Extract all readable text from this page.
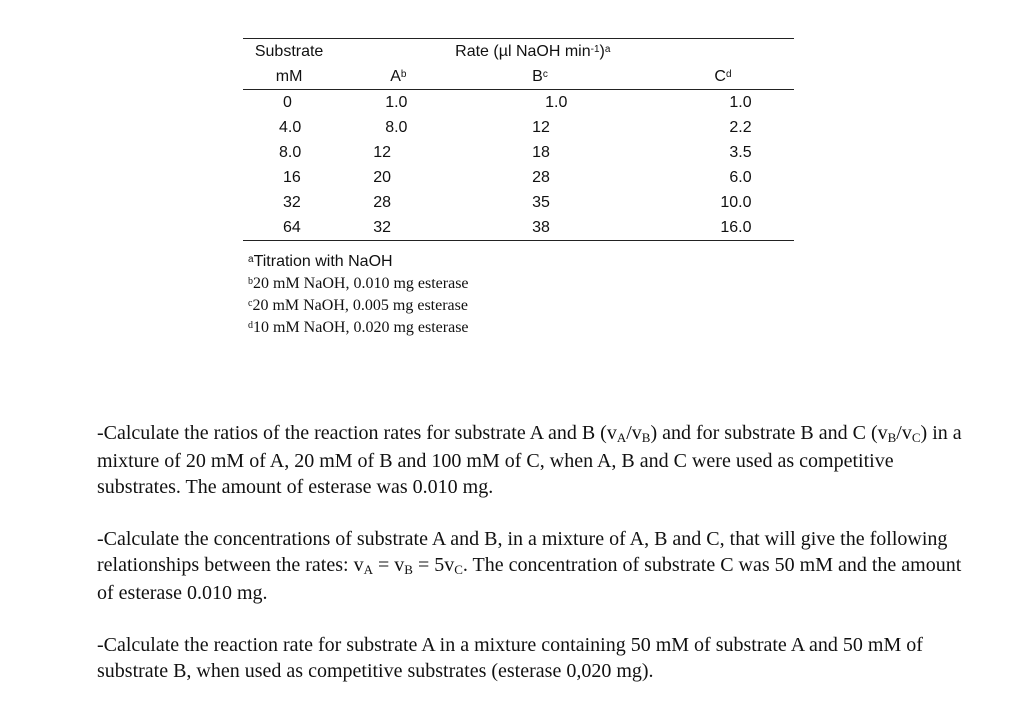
Substrate		Rate (µl NaOH $\min^{-1})^a$	
mM	$A^b$	$B^c$	$C^d$
0	1.0	1.0	1.0
4.0	8.0	12	2.2
8.0	12	18	3.5
16	20	28	6.0
32	28	35	10.0
64	32	38	16.0
$^a$Titration with NaOH
$^b$20 mM NaOH, 0.010 mg esterase
$^c$20 mM NaOH, 0.005 mg esterase
$^d$10 mM NaOH, 0.020 mg esterase

-Calculate the ratios of the reaction rates for substrate A and B $(v_A/v_B)$ and for substrate B and C $(v_B/v_C)$ in a mixture of 20 mM of A, 20 mM of B and 100 mM of C, when A, B and C were used as competitive substrates. The amount of esterase was 0.010 mg.

-Calculate the concentrations of substrate A and B, in a mixture of A, B and C, that will give the following relationships between the rates: $v_A = v_B = 5v_C$. The concentration of substrate C was 50 mM and the amount of esterase 0.010 mg.

-Calculate the reaction rate for substrate A in a mixture containing 50 mM of substrate A and 50 mM of substrate B, when used as competitive substrates (esterase 0,020 mg).
